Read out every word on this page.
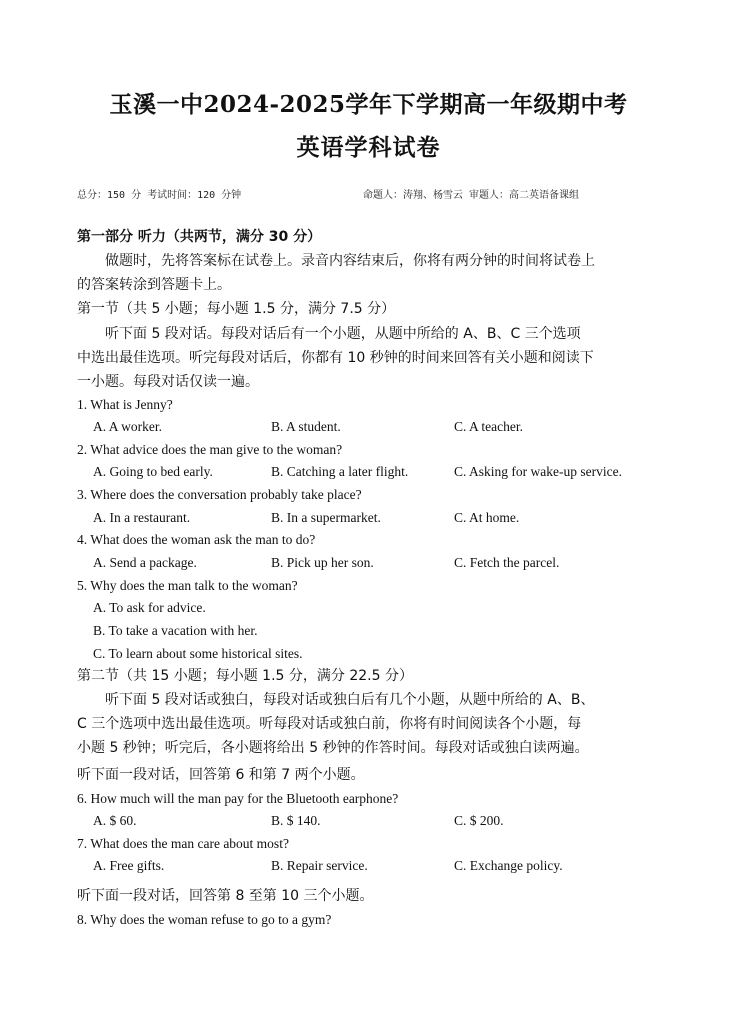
玉溪一中2024-2025学年下学期高一年级期中考
英语学科试卷
总分：150 分 考试时间：120 分钟	命题人：涛翔、杨雪云 审题人：高二英语备课组
第一部分 听力（共两节，满分 30 分）
做题时，先将答案标在试卷上。录音内容结束后，你将有两分钟的时间将试卷上
的答案转涂到答题卡上。
第一节（共 5 小题；每小题 1.5 分，满分 7.5 分）
听下面 5 段对话。每段对话后有一个小题，从题中所给的 A、B、C 三个选项
中选出最佳选项。听完每段对话后，你都有 10 秒钟的时间来回答有关小题和阅读下
一小题。每段对话仅读一遍。
1. What is Jenny?
A. A worker.	B. A student.	C. A teacher.
2. What advice does the man give to the woman?
A. Going to bed early.	B. Catching a later flight.	C. Asking for wake-up service.
3. Where does the conversation probably take place?
A. In a restaurant.	B. In a supermarket.	C. At home.
4. What does the woman ask the man to do?
A. Send a package.	B. Pick up her son.	C. Fetch the parcel.
5. Why does the man talk to the woman?
A. To ask for advice.
B. To take a vacation with her.
C. To learn about some historical sites.
第二节（共 15 小题；每小题 1.5 分，满分 22.5 分）
听下面 5 段对话或独白，每段对话或独白后有几个小题，从题中所给的 A、B、
C 三个选项中选出最佳选项。听每段对话或独白前，你将有时间阅读各个小题，每
小题 5 秒钟；听完后，各小题将给出 5 秒钟的作答时间。每段对话或独白读两遍。
听下面一段对话，回答第 6 和第 7 两个小题。
6. How much will the man pay for the Bluetooth earphone?
A. $ 60.	B. $ 140.	C. $ 200.
7. What does the man care about most?
A. Free gifts.	B. Repair service.	C. Exchange policy.
听下面一段对话，回答第 8 至第 10 三个小题。
8. Why does the woman refuse to go to a gym?
